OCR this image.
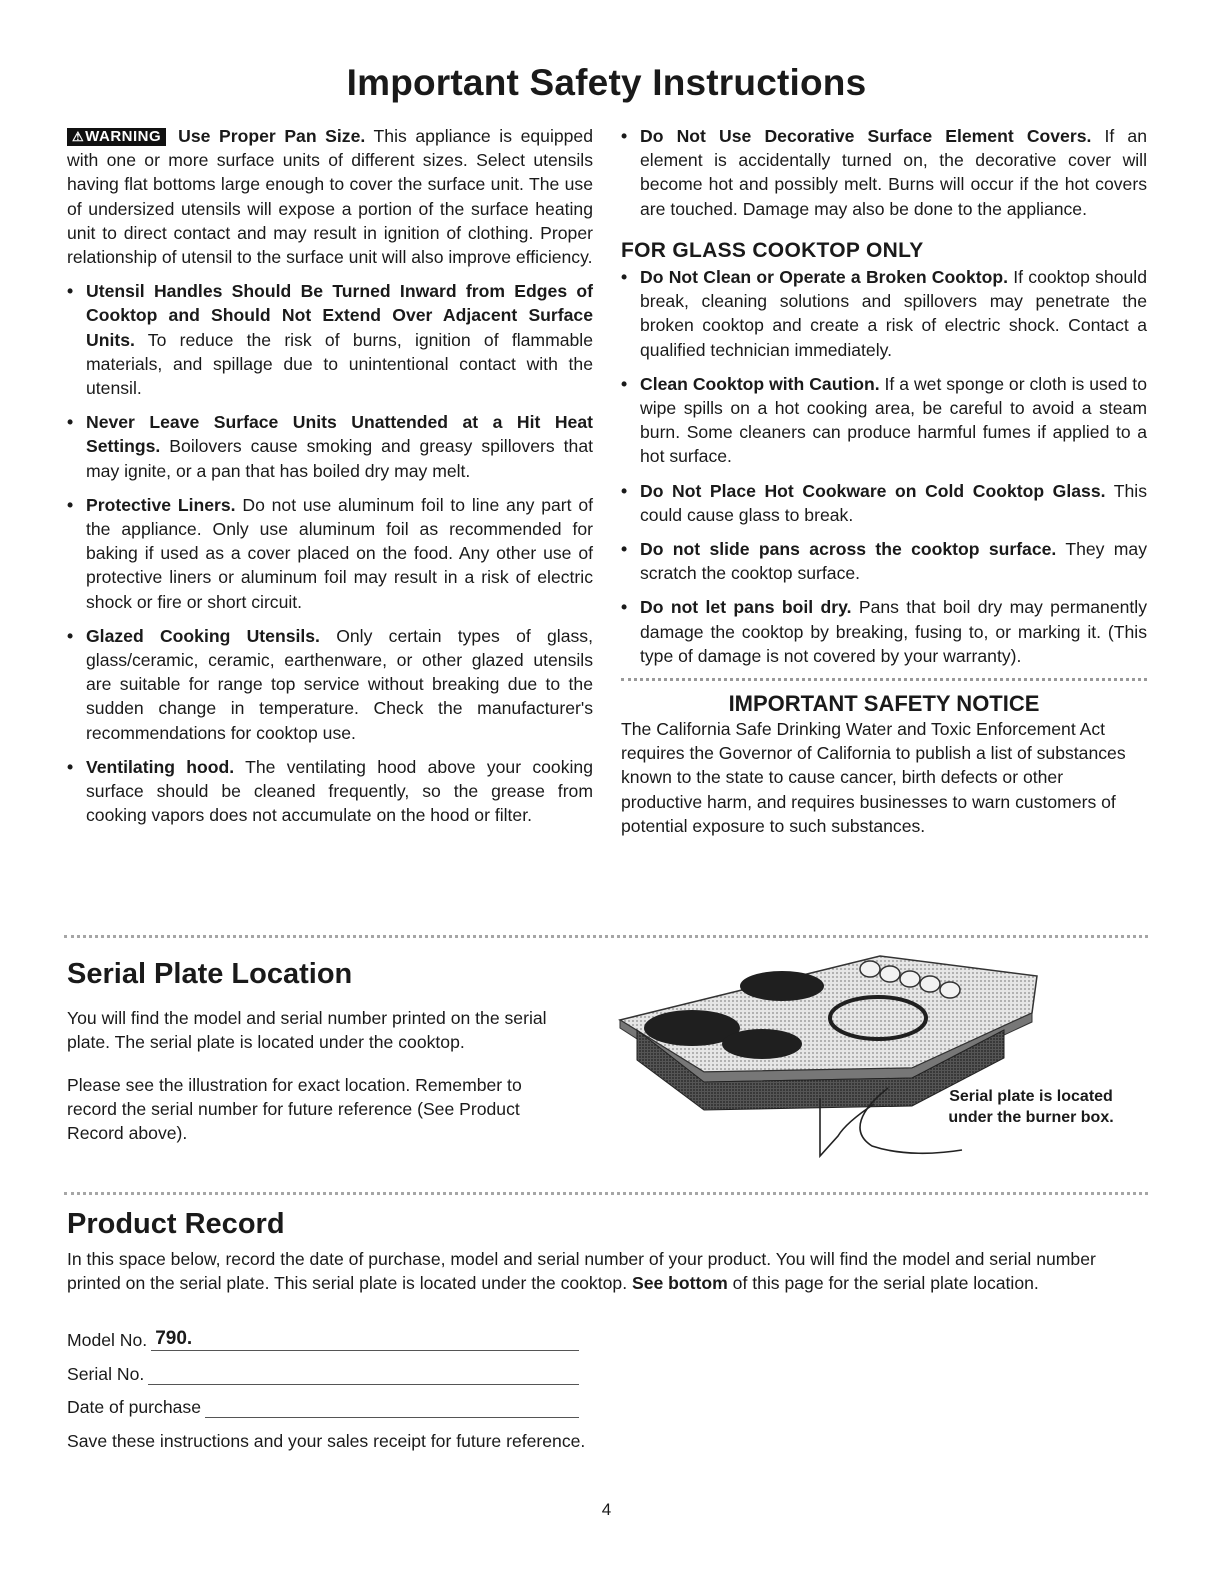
Important Safety Instructions

⚠WARNING Use Proper Pan Size. This appliance is equipped with one or more surface units of different sizes. Select utensils having flat bottoms large enough to cover the surface unit. The use of undersized utensils will expose a portion of the surface heating unit to direct contact and may result in ignition of clothing. Proper relationship of utensil to the surface unit will also improve efficiency.

• Utensil Handles Should Be Turned Inward from Edges of Cooktop and Should Not Extend Over Adjacent Surface Units. To reduce the risk of burns, ignition of flammable materials, and spillage due to unintentional contact with the utensil.
• Never Leave Surface Units Unattended at a Hit Heat Settings. Boilovers cause smoking and greasy spillovers that may ignite, or a pan that has boiled dry may melt.
• Protective Liners. Do not use aluminum foil to line any part of the appliance. Only use aluminum foil as recommended for baking if used as a cover placed on the food. Any other use of protective liners or aluminum foil may result in a risk of electric shock or fire or short circuit.
• Glazed Cooking Utensils. Only certain types of glass, glass/ceramic, ceramic, earthenware, or other glazed utensils are suitable for range top service without breaking due to the sudden change in temperature. Check the manufacturer's recommendations for cooktop use.
• Ventilating hood. The ventilating hood above your cooking surface should be cleaned frequently, so the grease from cooking vapors does not accumulate on the hood or filter.
• Do Not Use Decorative Surface Element Covers. If an element is accidentally turned on, the decorative cover will become hot and possibly melt. Burns will occur if the hot covers are touched. Damage may also be done to the appliance.
FOR GLASS COOKTOP ONLY
• Do Not Clean or Operate a Broken Cooktop. If cooktop should break, cleaning solutions and spillovers may penetrate the broken cooktop and create a risk of electric shock. Contact a qualified technician immediately.
• Clean Cooktop with Caution. If a wet sponge or cloth is used to wipe spills on a hot cooking area, be careful to avoid a steam burn. Some cleaners can produce harmful fumes if applied to a hot surface.
• Do Not Place Hot Cookware on Cold Cooktop Glass. This could cause glass to break.
• Do not slide pans across the cooktop surface. They may scratch the cooktop surface.
• Do not let pans boil dry. Pans that boil dry may permanently damage the cooktop by breaking, fusing to, or marking it. (This type of damage is not covered by your warranty).
IMPORTANT SAFETY NOTICE

The California Safe Drinking Water and Toxic Enforcement Act requires the Governor of California to publish a list of substances known to the state to cause cancer, birth defects or other productive harm, and requires businesses to warn customers of potential exposure to such substances.

Serial Plate Location

You will find the model and serial number printed on the serial plate. The serial plate is located under the cooktop.

Please see the illustration for exact location. Remember to record the serial number for future reference (See Product Record above).

Serial plate is located under the burner box.
Product Record

In this space below, record the date of purchase, model and serial number of your product. You will find the model and serial number printed on the serial plate. This serial plate is located under the cooktop. See bottom of this page for the serial plate location.

Model No. 790.
Serial No.
Date of purchase
Save these instructions and your sales receipt for future reference.
4
